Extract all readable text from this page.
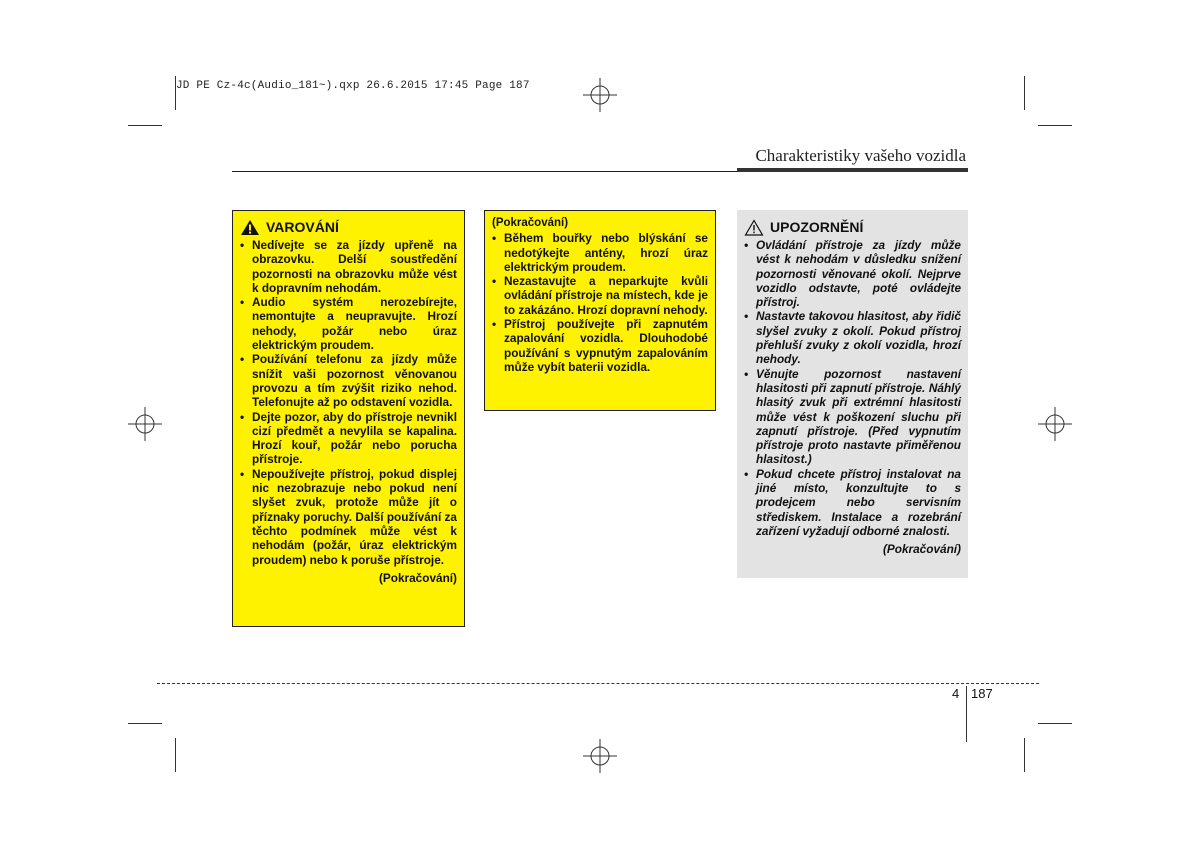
JD PE Cz-4c(Audio_181~).qxp 26.6.2015 17:45 Page 187
Charakteristiky vašeho vozidla
VAROVÁNÍ
• Nedívejte se za jízdy upřeně na obrazovku. Delší soustředění pozornosti na obrazovku může vést k dopravním nehodám.
• Audio systém nerozebírejte, nemontujte a neupravujte. Hrozí nehody, požár nebo úraz elektrickým proudem.
• Používání telefonu za jízdy může snížit vaši pozornost věnovanou provozu a tím zvýšit riziko nehod. Telefonujte až po odstavení vozidla.
• Dejte pozor, aby do přístroje nevnikl cizí předmět a nevylila se kapalina. Hrozí kouř, požár nebo porucha přístroje.
• Nepoužívejte přístroj, pokud displej nic nezobrazuje nebo pokud není slyšet zvuk, protože může jít o příznaky poruchy. Další používání za těchto podmínek může vést k nehodám (požár, úraz elektrickým proudem) nebo k poruše přístroje.
(Pokračování)
(Pokračování)
• Během bouřky nebo blýskání se nedotýkejte antény, hrozí úraz elektrickým proudem.
• Nezastavujte a neparkujte kvůli ovládání přístroje na místech, kde je to zakázáno. Hrozí dopravní nehody.
• Přístroj používejte při zapnutém zapalování vozidla. Dlouhodobé používání s vypnutým zapalováním může vybít baterii vozidla.
UPOZORNĚNÍ
• Ovládání přístroje za jízdy může vést k nehodám v důsledku snížení pozornosti věnované okolí. Nejprve vozidlo odstavte, poté ovládejte přístroj.
• Nastavte takovou hlasitost, aby řidič slyšel zvuky z okolí. Pokud přístroj přehluší zvuky z okolí vozidla, hrozí nehody.
• Věnujte pozornost nastavení hlasitosti při zapnutí přístroje. Náhlý hlasitý zvuk při extrémní hlasitosti může vést k poškození sluchu při zapnutí přístroje. (Před vypnutím přístroje proto nastavte přiměřenou hlasitost.)
• Pokud chcete přístroj instalovat na jiné místo, konzultujte to s prodejcem nebo servisním střediskem. Instalace a rozebrání zařízení vyžadují odborné znalosti.
(Pokračování)
4 187
